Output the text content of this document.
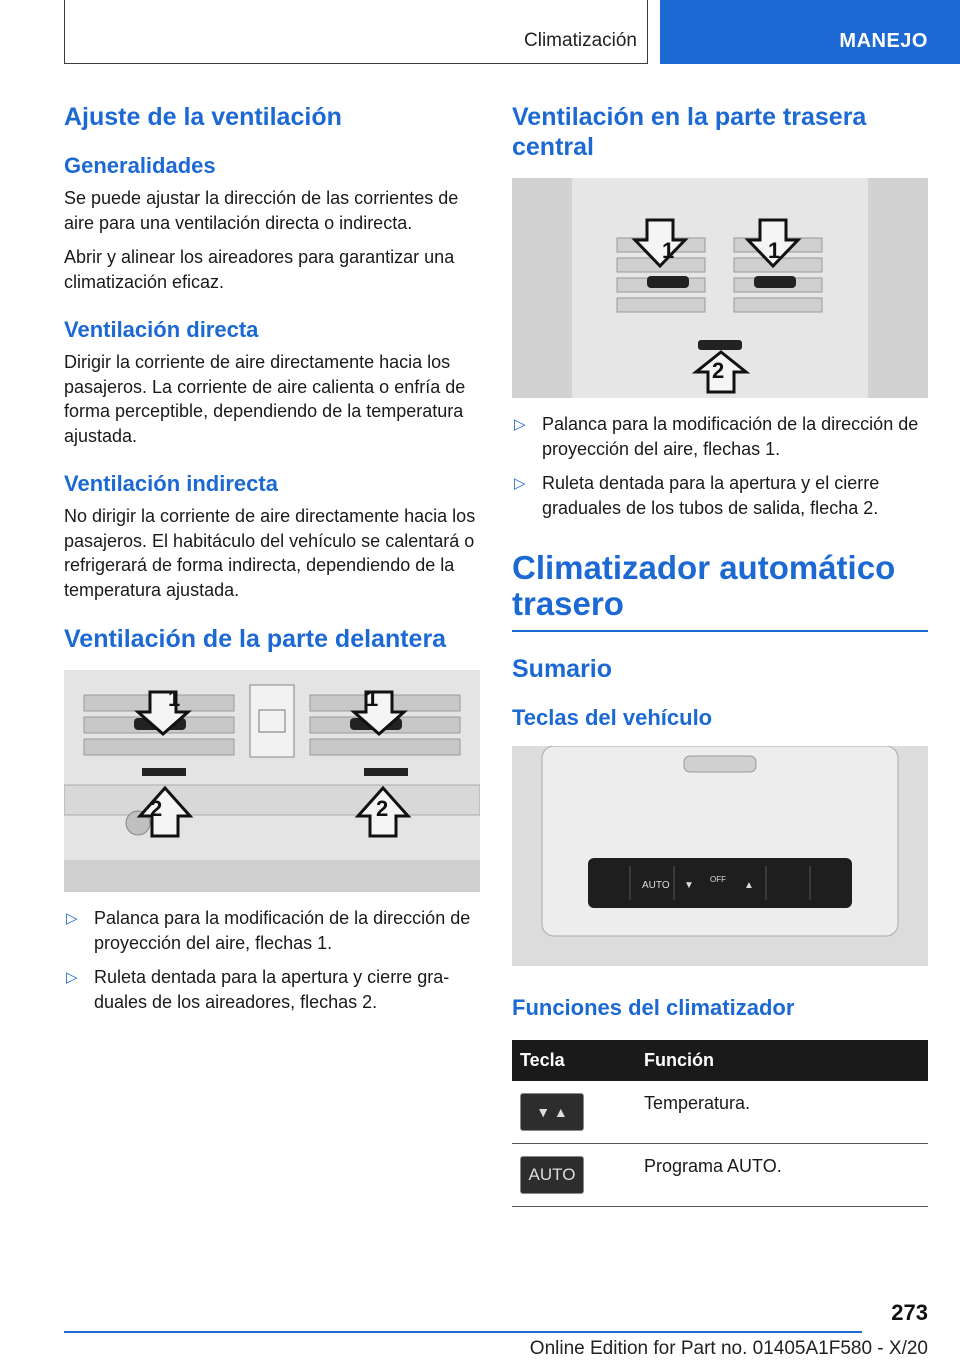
Climatización	MANEJO
Ajuste de la ventilación
Generalidades

Se puede ajustar la dirección de las corrientes de aire para una ventilación directa o indirecta.

Abrir y alinear los aireadores para garantizar una climatización eficaz.

Ventilación directa

Dirigir la corriente de aire directamente hacia los pasajeros. La corriente de aire calienta o enfría de forma perceptible, dependiendo de la temperatura ajustada.

Ventilación indirecta

No dirigir la corriente de aire directamente hacia los pasajeros. El habitáculo del vehículo se calentará o refrigerará de forma indirecta, dependiendo de la temperatura ajustada.

Ventilación de la parte delantera
1	1
2	2
▷ Palanca para la modificación de la dirección de proyección del aire, flechas 1.
▷ Ruleta dentada para la apertura y cierre graduales de los aireadores, flechas 2.
Ventilación en la parte trasera central
1	1
2
▷ Palanca para la modificación de la dirección de proyección del aire, flechas 1.
▷ Ruleta dentada para la apertura y el cierre graduales de los tubos de salida, flecha 2.
Climatizador automático trasero
Sumario
Teclas del vehículo
AUTO ▼
OFF
▲
Funciones del climatizador
Tecla	Función

▼ ▲	Temperatura.

AUTO	Programa AUTO.
273
Online Edition for Part no. 01405A1F580 - X/20
